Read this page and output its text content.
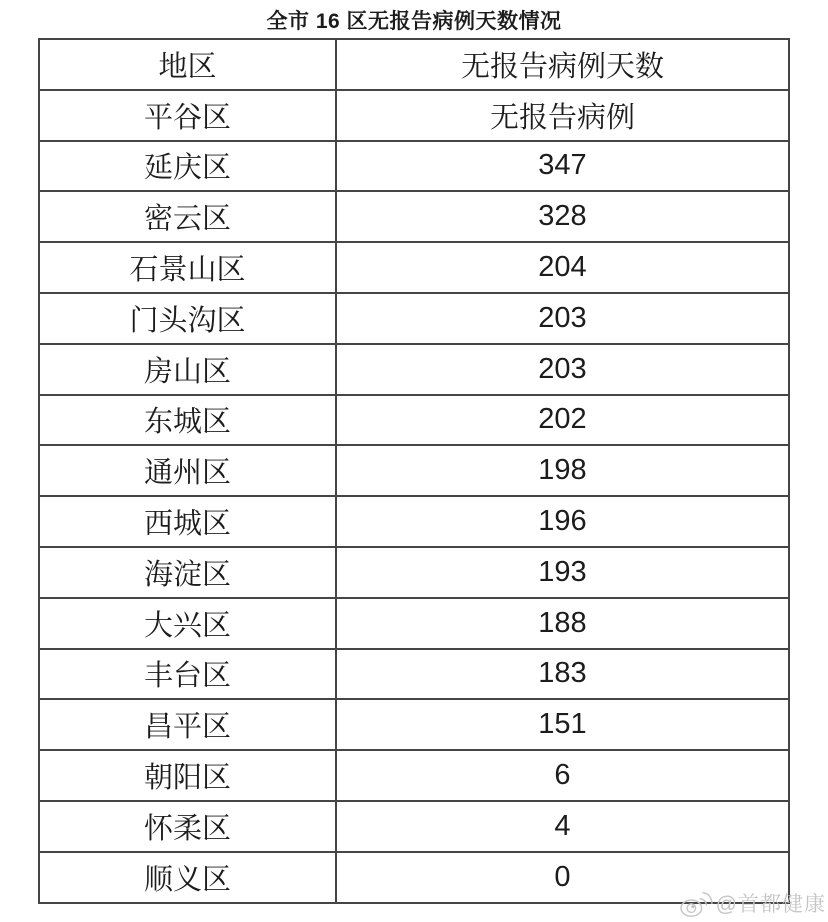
全市 16 区无报告病例天数情况
地区	无报告病例天数
平谷区	无报告病例
延庆区	347
密云区	328
石景山区	204
门头沟区	203
房山区	203
东城区	202
通州区	198
西城区	196
海淀区	193
大兴区	188
丰台区	183
昌平区	151
朝阳区	6
怀柔区	4
顺义区	0
@首都健康
